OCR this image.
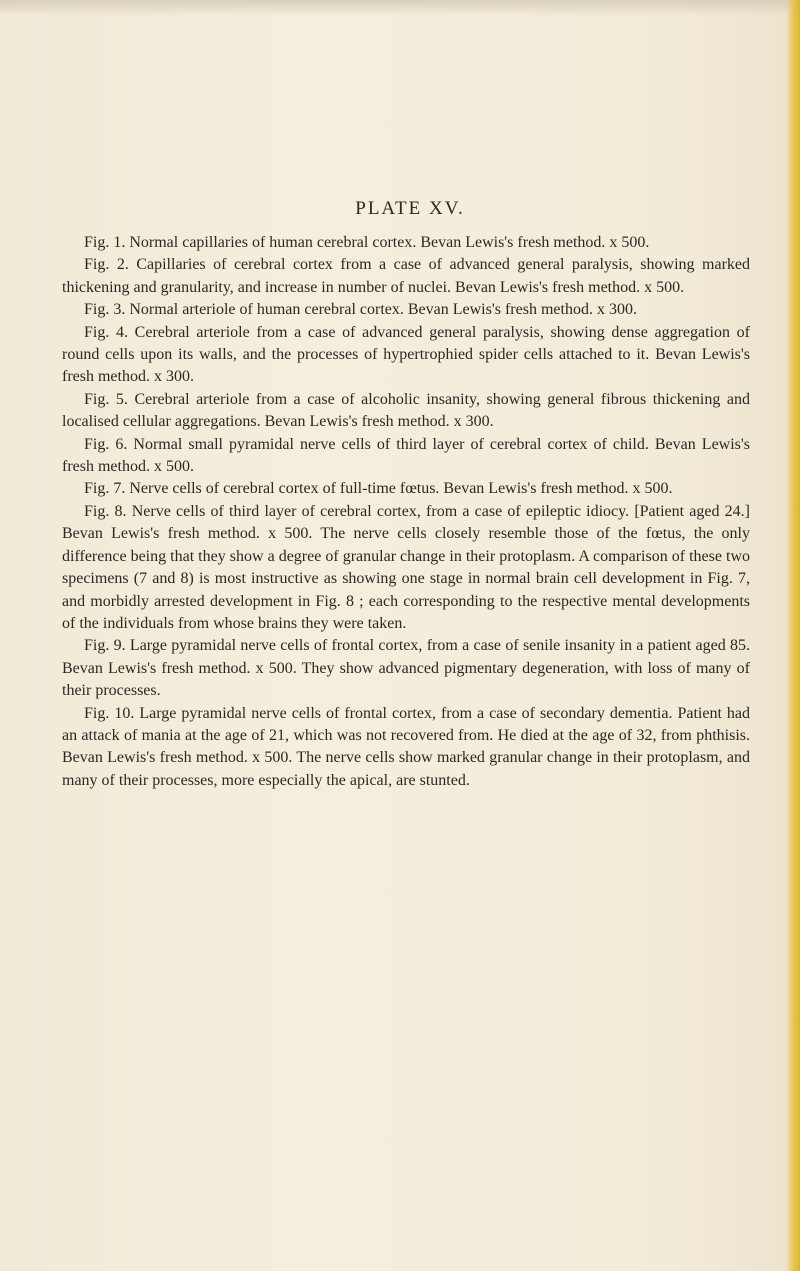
PLATE XV.

Fig. 1. Normal capillaries of human cerebral cortex. Bevan Lewis's fresh method. x 500.

Fig. 2. Capillaries of cerebral cortex from a case of advanced general paralysis, showing marked thickening and granularity, and increase in number of nuclei. Bevan Lewis's fresh method. x 500.

Fig. 3. Normal arteriole of human cerebral cortex. Bevan Lewis's fresh method. x 300.

Fig. 4. Cerebral arteriole from a case of advanced general paralysis, showing dense aggregation of round cells upon its walls, and the processes of hypertrophied spider cells attached to it. Bevan Lewis's fresh method. x 300.

Fig. 5. Cerebral arteriole from a case of alcoholic insanity, showing general fibrous thickening and localised cellular aggregations. Bevan Lewis's fresh method. x 300.

Fig. 6. Normal small pyramidal nerve cells of third layer of cerebral cortex of child. Bevan Lewis's fresh method. x 500.

Fig. 7. Nerve cells of cerebral cortex of full-time fœtus. Bevan Lewis's fresh method. x 500.

Fig. 8. Nerve cells of third layer of cerebral cortex, from a case of epileptic idiocy. [Patient aged 24.] Bevan Lewis's fresh method. x 500. The nerve cells closely resemble those of the fœtus, the only difference being that they show a degree of granular change in their protoplasm. A comparison of these two specimens (7 and 8) is most instructive as showing one stage in normal brain cell development in Fig. 7, and morbidly arrested development in Fig. 8 ; each corresponding to the respective mental developments of the individuals from whose brains they were taken.

Fig. 9. Large pyramidal nerve cells of frontal cortex, from a case of senile insanity in a patient aged 85. Bevan Lewis's fresh method. x 500. They show advanced pigmentary degeneration, with loss of many of their processes.

Fig. 10. Large pyramidal nerve cells of frontal cortex, from a case of secondary dementia. Patient had an attack of mania at the age of 21, which was not recovered from. He died at the age of 32, from phthisis. Bevan Lewis's fresh method. x 500. The nerve cells show marked granular change in their protoplasm, and many of their processes, more especially the apical, are stunted.
